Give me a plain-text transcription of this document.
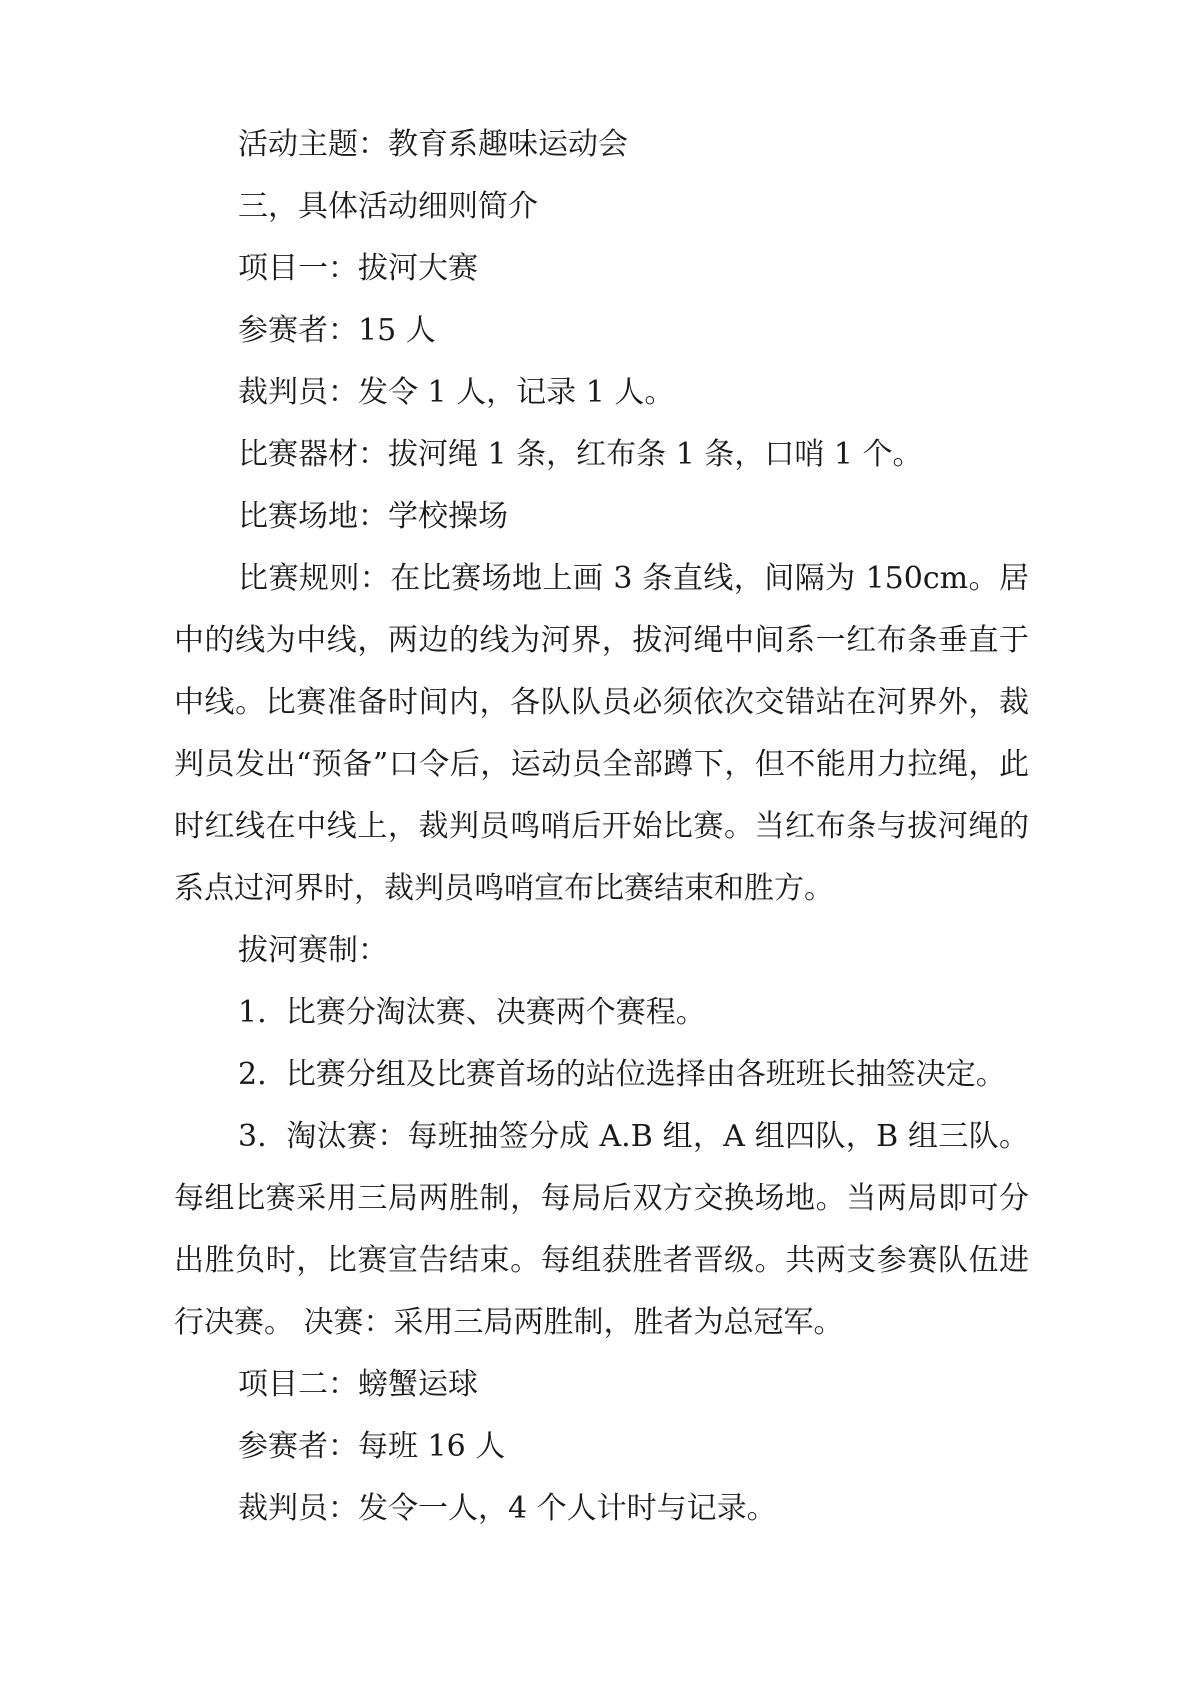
活动主题：教育系趣味运动会

三，具体活动细则简介

项目一：拔河大赛

参赛者：15 人

裁判员：发令 1 人，记录 1 人。

比赛器材：拔河绳 1 条，红布条 1 条，口哨 1 个。

比赛场地：学校操场

比赛规则：在比赛场地上画 3 条直线，间隔为 150cm。居中的线为中线，两边的线为河界，拔河绳中间系一红布条垂直于中线。比赛准备时间内，各队队员必须依次交错站在河界外，裁判员发出“预备”口令后，运动员全部蹲下，但不能用力拉绳，此时红线在中线上，裁判员鸣哨后开始比赛。当红布条与拔河绳的系点过河界时，裁判员鸣哨宣布比赛结束和胜方。

拔河赛制：

1.  比赛分淘汰赛、决赛两个赛程。

2.  比赛分组及比赛首场的站位选择由各班班长抽签决定。

3.  淘汰赛：每班抽签分成 A.B 组，A 组四队，B 组三队。每组比赛采用三局两胜制，每局后双方交换场地。当两局即可分出胜负时，比赛宣告结束。每组获胜者晋级。共两支参赛队伍进行决赛。 决赛：采用三局两胜制，胜者为总冠军。

项目二：螃蟹运球

参赛者：每班 16 人

裁判员：发令一人，4 个人计时与记录。
